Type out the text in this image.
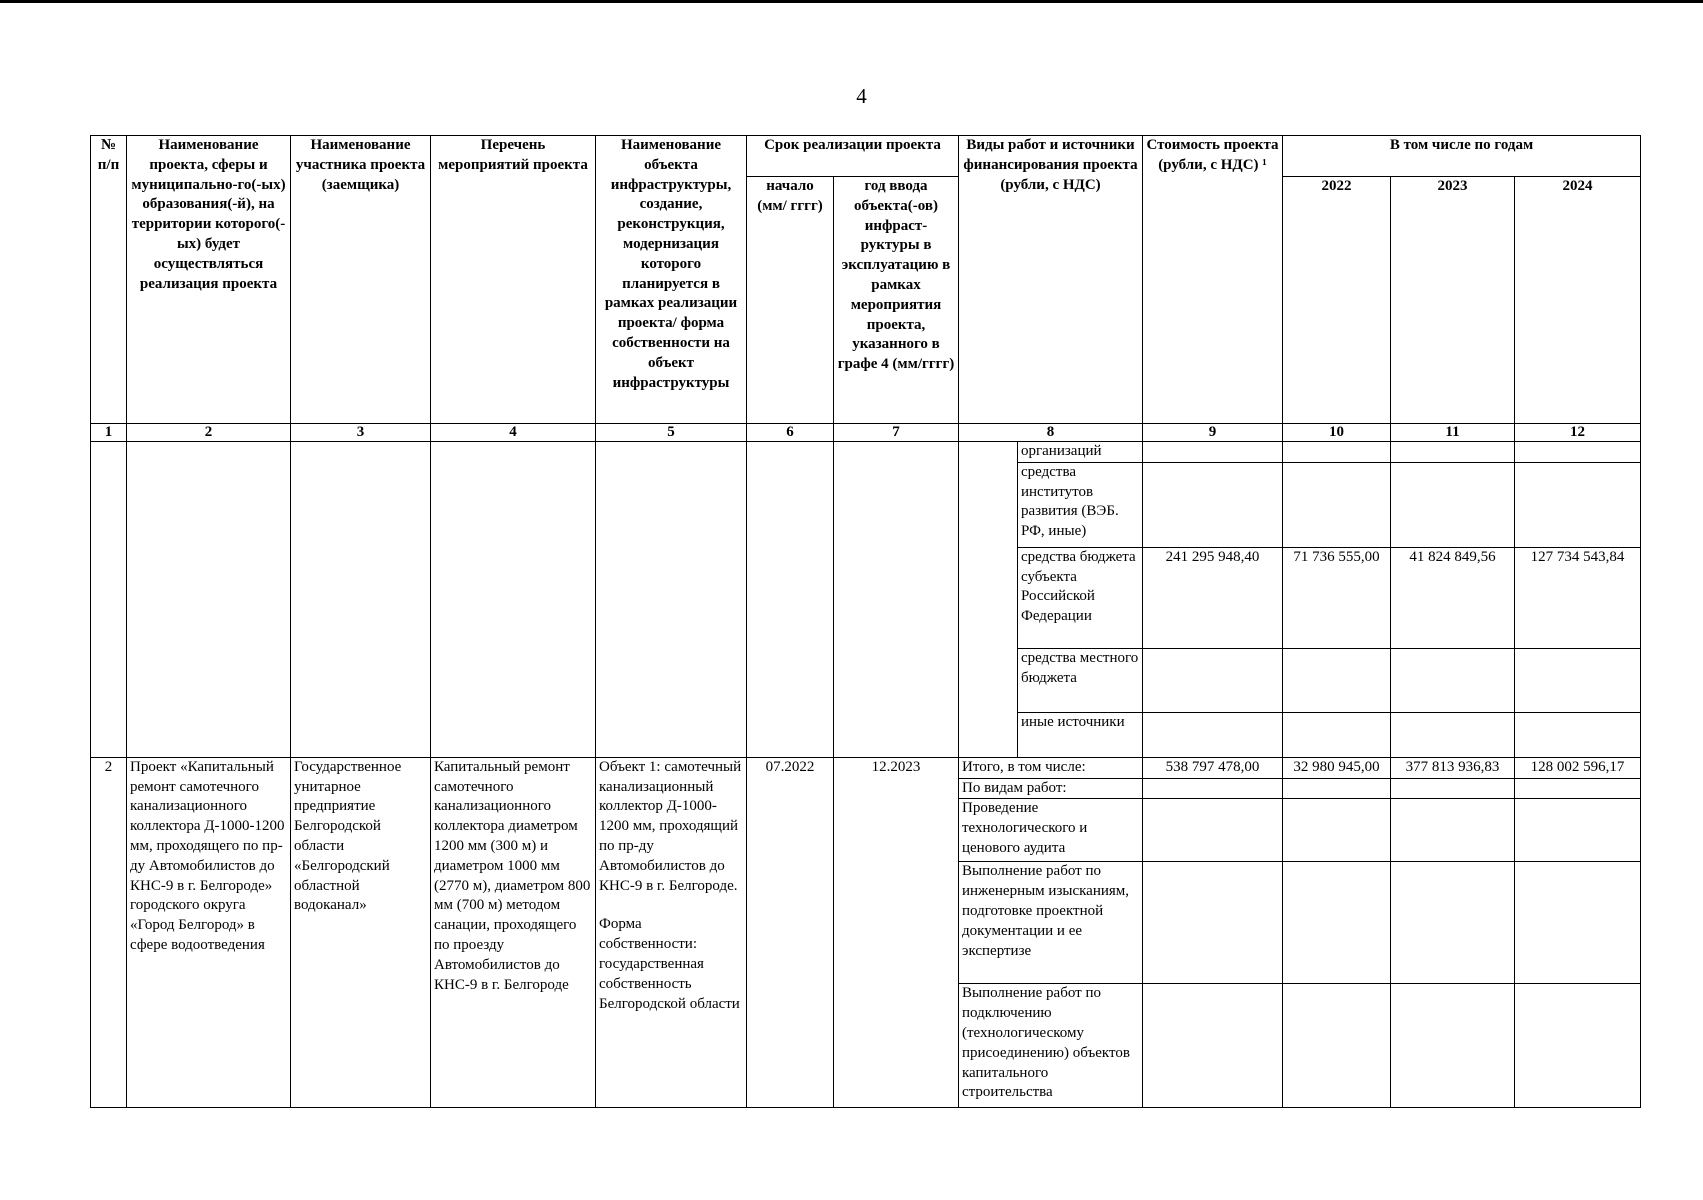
4
№ п/п	Наименование проекта, сферы и муниципально-го(-ых) образования(-й), на территории которого(-ых) будет осуществляться реализация проекта	Наименование участника проекта (заемщика)	Перечень мероприятий проекта	Наименование объекта инфраструктуры, создание, реконструкция, модернизация которого планируется в рамках реализации проекта/ форма собственности на объект инфраструктуры	Срок реализации проекта		Виды работ и источники финансирования проекта (рубли, с НДС)		Стоимость проекта (рубли, с НДС) ¹	В том числе по годам		
					начало (мм/ гггг)	год ввода объекта(-ов) инфраст-руктуры в эксплуатацию в рамках мероприятия проекта, указанного в графе 4 (мм/гггг)				2022	2023	2024
1	2	3	4	5	6	7	8		9	10	11	12
								организаций				
								средства институтов развития (ВЭБ. РФ, иные)				
								средства бюджета субъекта Российской Федерации	241 295 948,40	71 736 555,00	41 824 849,56	127 734 543,84
								средства местного бюджета				
								иные источники				
2	Проект «Капитальный ремонт самотечного канализационного коллектора Д-1000-1200 мм, проходящего по пр-ду Автомобилистов до КНС-9 в г. Белгороде» городского округа «Город Белгород» в сфере водоотведения	Государственное унитарное предприятие Белгородской области «Белгородский областной водоканал»	Капитальный ремонт самотечного канализационного коллектора диаметром 1200 мм (300 м) и диаметром 1000 мм (2770 м), диаметром 800 мм (700 м) методом санации, проходящего по проезду Автомобилистов до КНС-9 в г. Белгороде	Объект 1: самотечный канализационный коллектор Д-1000-1200 мм, проходящий по пр-ду Автомобилистов до КНС-9 в г. Белгороде.
Форма собственности: государственная собственность Белгородской области	07.2022	12.2023	Итого, в том числе:		538 797 478,00	32 980 945,00	377 813 936,83	128 002 596,17
							По видам работ:					
							Проведение технологического и ценового аудита					
							Выполнение работ по инженерным изысканиям, подготовке проектной документации и ее экспертизе					
							Выполнение работ по подключению (технологическому присоединению) объектов капитального строительства					
